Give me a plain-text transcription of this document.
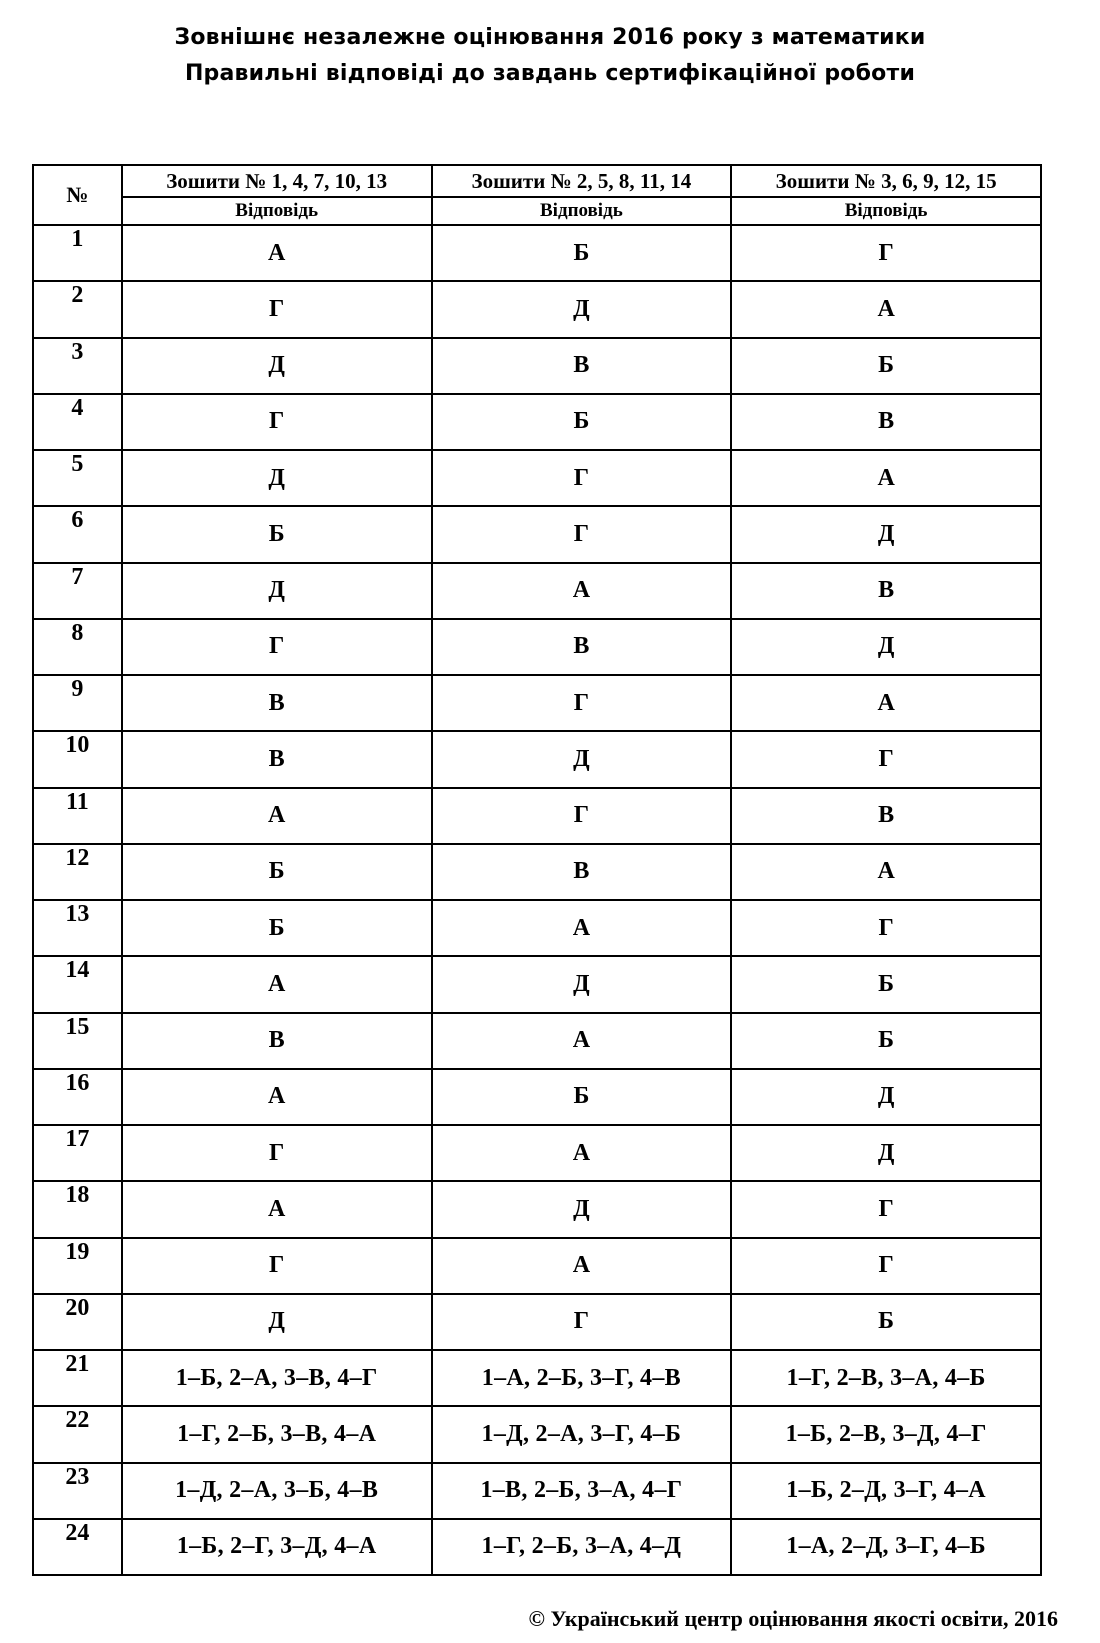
Зовнішнє незалежне оцінювання 2016 року з математики
Правильні відповіді до завдань сертифікаційної роботи
№	Зошити № 1, 4, 7, 10, 13	Зошити № 2, 5, 8, 11, 14	Зошити № 3, 6, 9, 12, 15
	Відповідь	Відповідь	Відповідь
1	А	Б	Г
2	Г	Д	А
3	Д	В	Б
4	Г	Б	В
5	Д	Г	А
6	Б	Г	Д
7	Д	А	В
8	Г	В	Д
9	В	Г	А
10	В	Д	Г
11	А	Г	В
12	Б	В	А
13	Б	А	Г
14	А	Д	Б
15	В	А	Б
16	А	Б	Д
17	Г	А	Д
18	А	Д	Г
19	Г	А	Г
20	Д	Г	Б
21	1–Б, 2–А, 3–В, 4–Г	1–А, 2–Б, 3–Г, 4–В	1–Г, 2–В, 3–А, 4–Б
22	1–Г, 2–Б, 3–В, 4–А	1–Д, 2–А, 3–Г, 4–Б	1–Б, 2–В, 3–Д, 4–Г
23	1–Д, 2–А, 3–Б, 4–В	1–В, 2–Б, 3–А, 4–Г	1–Б, 2–Д, 3–Г, 4–А
24	1–Б, 2–Г, 3–Д, 4–А	1–Г, 2–Б, 3–А, 4–Д	1–А, 2–Д, 3–Г, 4–Б
© Український центр оцінювання якості освіти, 2016
